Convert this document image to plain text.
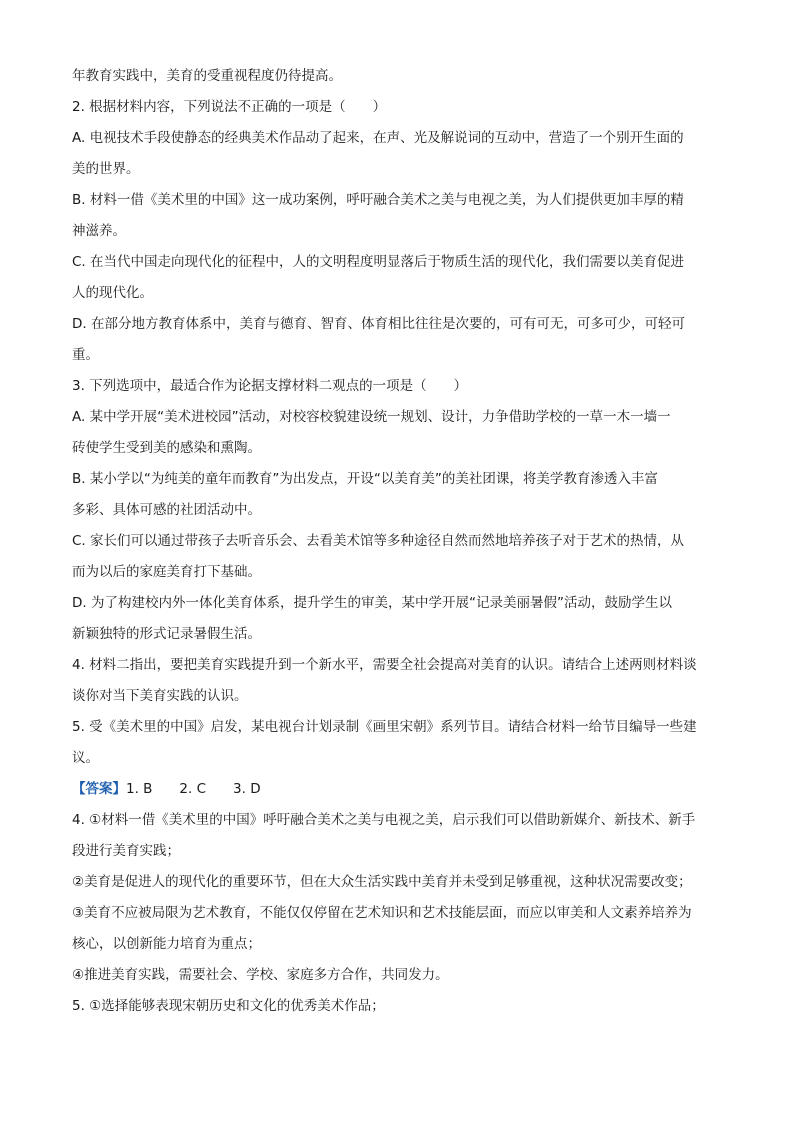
年教育实践中，美育的受重视程度仍待提高。
2. 根据材料内容，下列说法不正确的一项是（　　）
A. 电视技术手段使静态的经典美术作品动了起来，在声、光及解说词的互动中，营造了一个别开生面的
美的世界。
B. 材料一借《美术里的中国》这一成功案例，呼吁融合美术之美与电视之美，为人们提供更加丰厚的精
神滋养。
C. 在当代中国走向现代化的征程中，人的文明程度明显落后于物质生活的现代化，我们需要以美育促进
人的现代化。
D. 在部分地方教育体系中，美育与德育、智育、体育相比往往是次要的，可有可无，可多可少，可轻可
重。
3. 下列选项中，最适合作为论据支撑材料二观点的一项是（　　）
A. 某中学开展“美术进校园”活动，对校容校貌建设统一规划、设计，力争借助学校的一草一木一墙一
砖使学生受到美的感染和熏陶。
B. 某小学以“为纯美的童年而教育”为出发点，开设“以美育美”的美社团课，将美学教育渗透入丰富
多彩、具体可感的社团活动中。
C. 家长们可以通过带孩子去听音乐会、去看美术馆等多种途径自然而然地培养孩子对于艺术的热情，从
而为以后的家庭美育打下基础。
D. 为了构建校内外一体化美育体系，提升学生的审美，某中学开展“记录美丽暑假”活动，鼓励学生以
新颖独特的形式记录暑假生活。
4. 材料二指出，要把美育实践提升到一个新水平，需要全社会提高对美育的认识。请结合上述两则材料谈
谈你对当下美育实践的认识。
5. 受《美术里的中国》启发，某电视台计划录制《画里宋朝》系列节目。请结合材料一给节目编导一些建
议。
【答案】1. B　　2. C　　3. D
4. ①材料一借《美术里的中国》呼吁融合美术之美与电视之美，启示我们可以借助新媒介、新技术、新手
段进行美育实践；
②美育是促进人的现代化的重要环节，但在大众生活实践中美育并未受到足够重视，这种状况需要改变；
③美育不应被局限为艺术教育，不能仅仅停留在艺术知识和艺术技能层面，而应以审美和人文素养培养为
核心，以创新能力培育为重点；
④推进美育实践，需要社会、学校、家庭多方合作，共同发力。
5. ①选择能够表现宋朝历史和文化的优秀美术作品；
